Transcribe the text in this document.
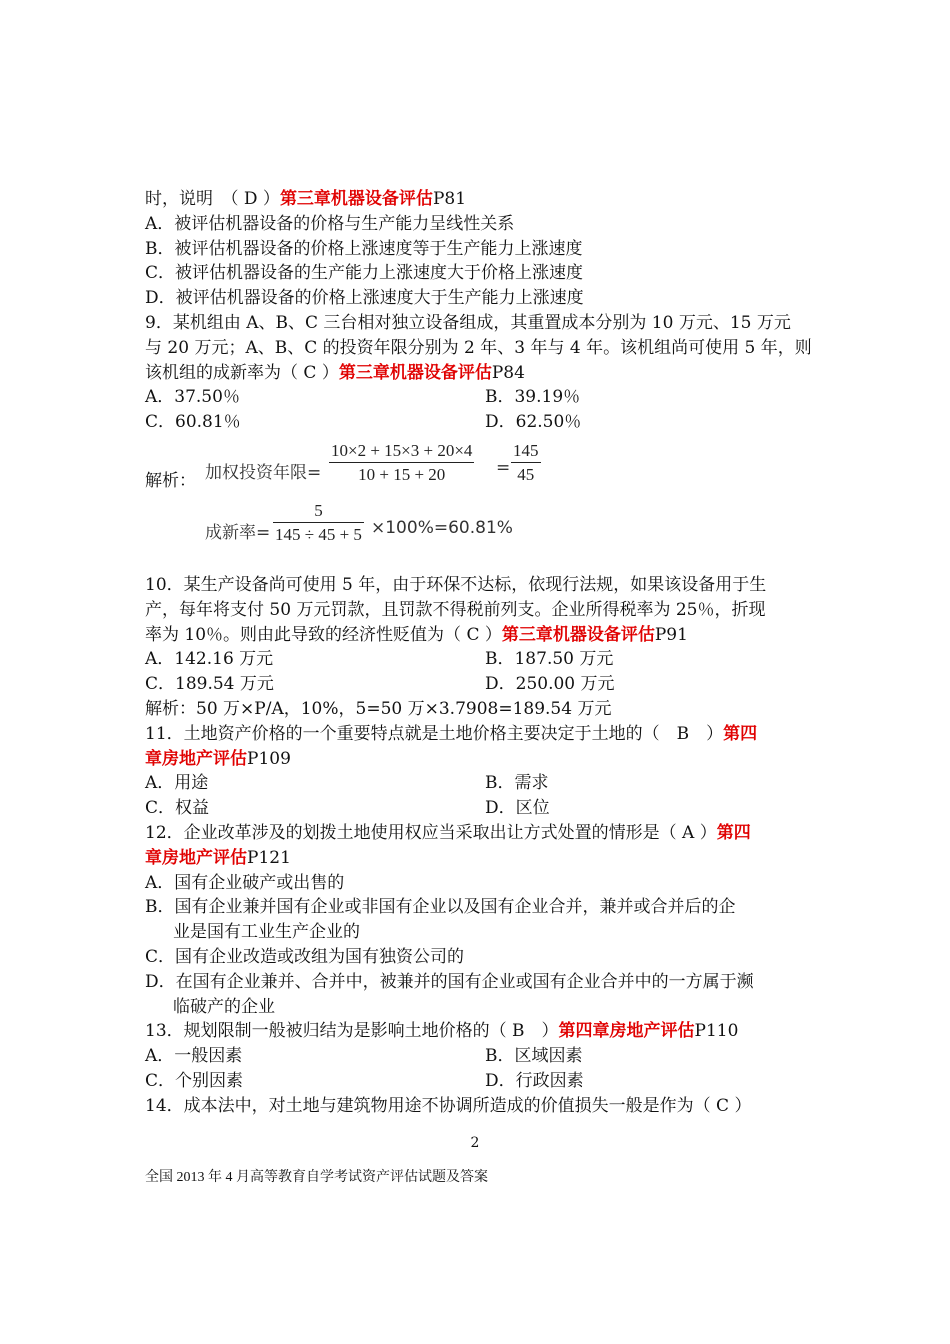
时，说明　（ D ）第三章机器设备评估P81
A．被评估机器设备的价格与生产能力呈线性关系
B．被评估机器设备的价格上涨速度等于生产能力上涨速度
C．被评估机器设备的生产能力上涨速度大于价格上涨速度
D．被评估机器设备的价格上涨速度大于生产能力上涨速度
9．某机组由 A、B、C 三台相对独立设备组成，其重置成本分别为 10 万元、15 万元
与 20 万元；A、B、C 的投资年限分别为 2 年、3 年与 4 年。该机组尚可使用 5 年，则
该机组的成新率为（ C ）第三章机器设备评估P84
A．37.50％	B．39.19％
C．60.81％	D．62.50％
解析： 加权投资年限= $\frac{10\times 2 + 15\times 3 + 20\times 4}{10 + 15 + 20} = \frac{145}{45}$
成新率= $\frac{5}{145 \div 45 + 5} \times 100\%=60.81\%$
10．某生产设备尚可使用 5 年，由于环保不达标，依现行法规，如果该设备用于生
产，每年将支付 50 万元罚款，且罚款不得税前列支。企业所得税率为 25％，折现
率为 10％。则由此导致的经济性贬值为（ C ）第三章机器设备评估P91
A．142.16 万元	B．187.50 万元
C．189.54 万元	D．250.00 万元
解析：50 万×P/A，10%，5=50 万×3.7908=189.54 万元
11．土地资产价格的一个重要特点就是土地价格主要决定于土地的（　B　）第四
章房地产评估P109
A．用途	B．需求
C．权益	D．区位
12．企业改革涉及的划拨土地使用权应当采取出让方式处置的情形是（ A ）第四
章房地产评估P121
A．国有企业破产或出售的
B．国有企业兼并国有企业或非国有企业以及国有企业合并，兼并或合并后的企
业是国有工业生产企业的
C．国有企业改造或改组为国有独资公司的
D．在国有企业兼并、合并中，被兼并的国有企业或国有企业合并中的一方属于濒
临破产的企业
13．规划限制一般被归结为是影响土地价格的（ B　）第四章房地产评估P110
A．一般因素	B．区域因素
C．个别因素	D．行政因素
14．成本法中，对土地与建筑物用途不协调所造成的价值损失一般是作为（ C ）
2
全国 2013 年 4 月高等教育自学考试资产评估试题及答案
